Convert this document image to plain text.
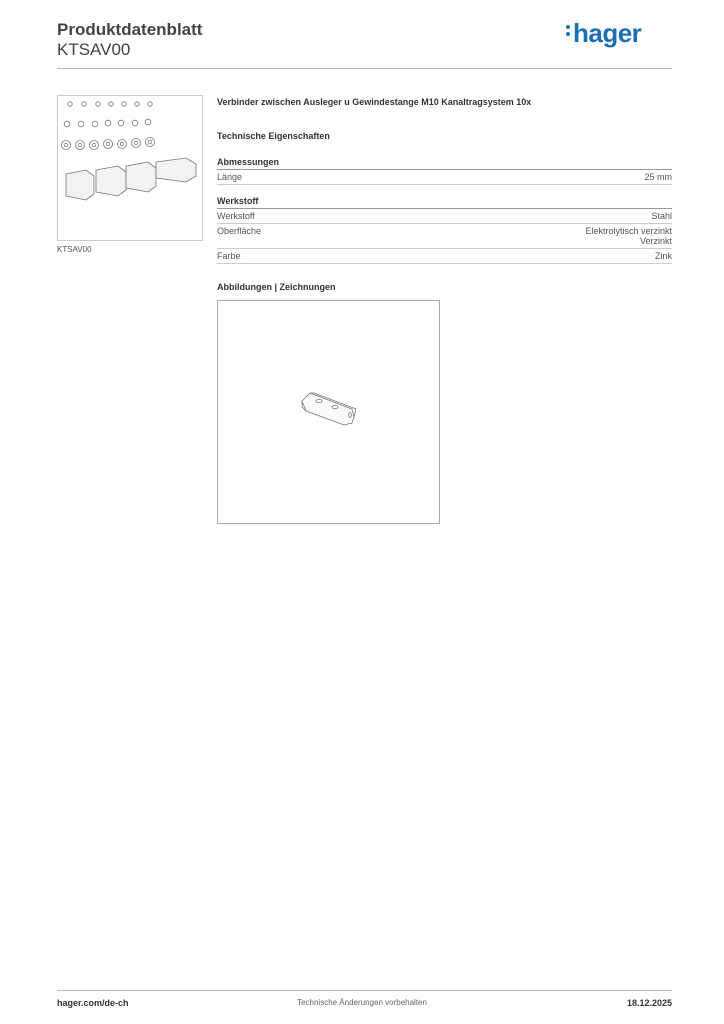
Produktdatenblatt
KTSAV00
hager
KTSAV00
Verbinder zwischen Ausleger u Gewindestange M10 Kanaltragsystem 10x
Technische Eigenschaften
Abmessungen
Länge	25 mm
Werkstoff
Werkstoff	Stahl
Oberfläche	Elektrolytisch verzinkt
Verzinkt
Farbe	Zink
Abbildungen | Zeichnungen
hager.com/de-ch	Technische Änderungen vorbehalten	18.12.2025
